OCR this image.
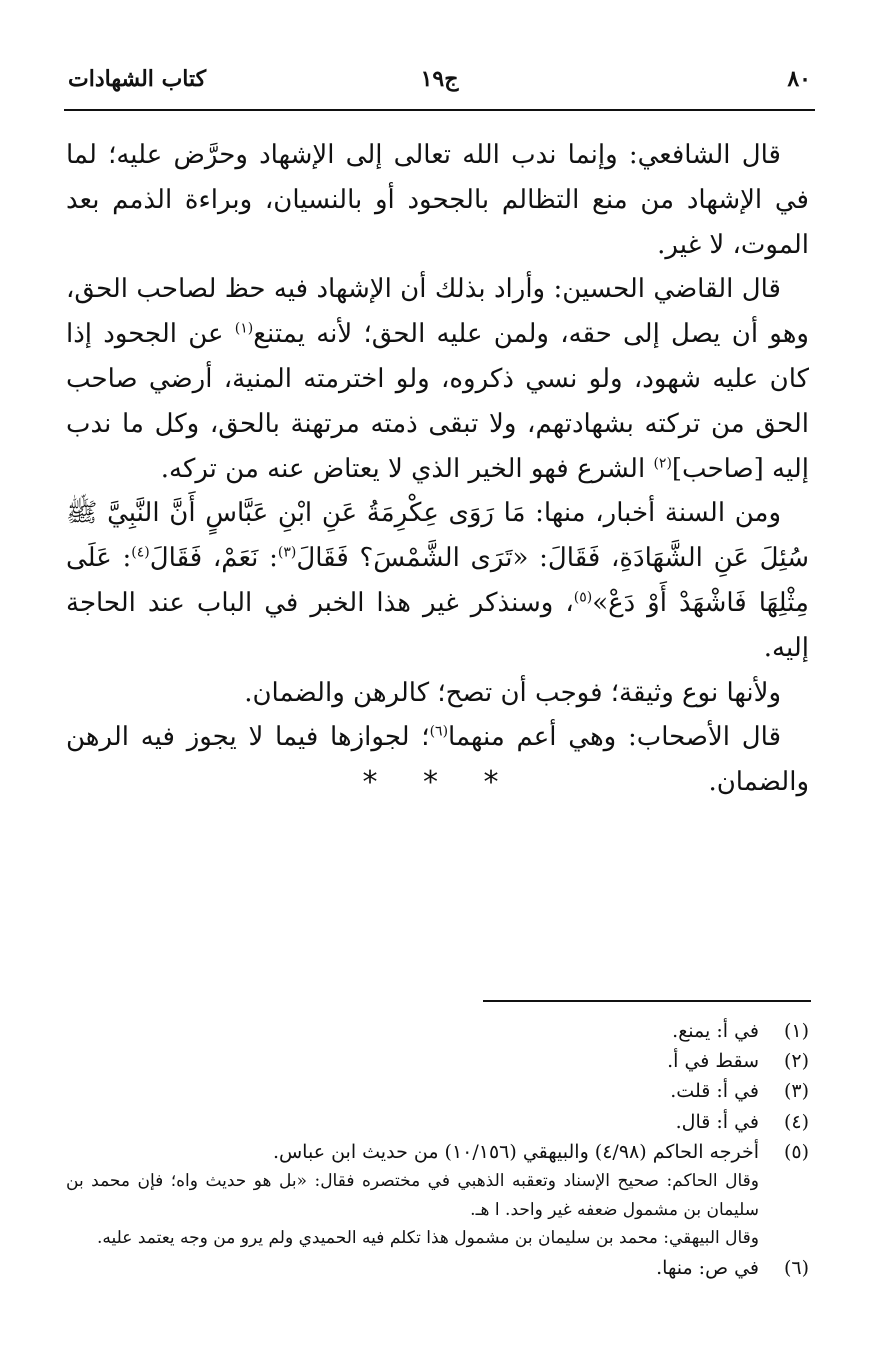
٨٠
ج١٩
كتاب الشهادات

قال الشافعي: وإنما ندب الله تعالى إلى الإشهاد وحرَّض عليه؛ لما في الإشهاد من منع التظالم بالجحود أو بالنسيان، وبراءة الذمم بعد الموت، لا غير.

قال القاضي الحسين: وأراد بذلك أن الإشهاد فيه حظ لصاحب الحق، وهو أن يصل إلى حقه، ولمن عليه الحق؛ لأنه يمتنع$^{(١)}$ عن الجحود إذا كان عليه شهود، ولو نسي ذكروه، ولو اخترمته المنية، أرضي صاحب الحق من تركته بشهادتهم، ولا تبقى ذمته مرتهنة بالحق، وكل ما ندب إليه [صاحب]$^{(٢)}$ الشرع فهو الخير الذي لا يعتاض عنه من تركه.

ومن السنة أخبار، منها: مَا رَوَى عِكْرِمَةُ عَنِ ابْنِ عَبَّاسٍ أَنَّ النَّبِيَّ ﷺ سُئِلَ عَنِ الشَّهَادَةِ، فَقَالَ: «تَرَى الشَّمْسَ؟ فَقَالَ$^{(٣)}$: نَعَمْ، فَقَالَ$^{(٤)}$: عَلَى مِثْلِهَا فَاشْهَدْ أَوْ دَعْ»$^{(٥)}$، وسنذكر غير هذا الخبر في الباب عند الحاجة إليه.

ولأنها نوع وثيقة؛ فوجب أن تصح؛ كالرهن والضمان.

قال الأصحاب: وهي أعم منهما$^{(٦)}$؛ لجوازها فيما لا يجوز فيه الرهن والضمان.

* * *
(١)
في أ: يمنع.
(٢)
سقط في أ.
(٣)
في أ: قلت.
(٤)
في أ: قال.
(٥)
أخرجه الحاكم (٤/٩٨) والبيهقي (١٠/١٥٦) من حديث ابن عباس.
وقال الحاكم: صحيح الإسناد وتعقبه الذهبي في مختصره فقال: «بل هو حديث واه؛ فإن محمد بن سليمان بن مشمول ضعفه غير واحد. ا هـ.
وقال البيهقي: محمد بن سليمان بن مشمول هذا تكلم فيه الحميدي ولم يرو من وجه يعتمد عليه.
(٦)
في ص: منها.
